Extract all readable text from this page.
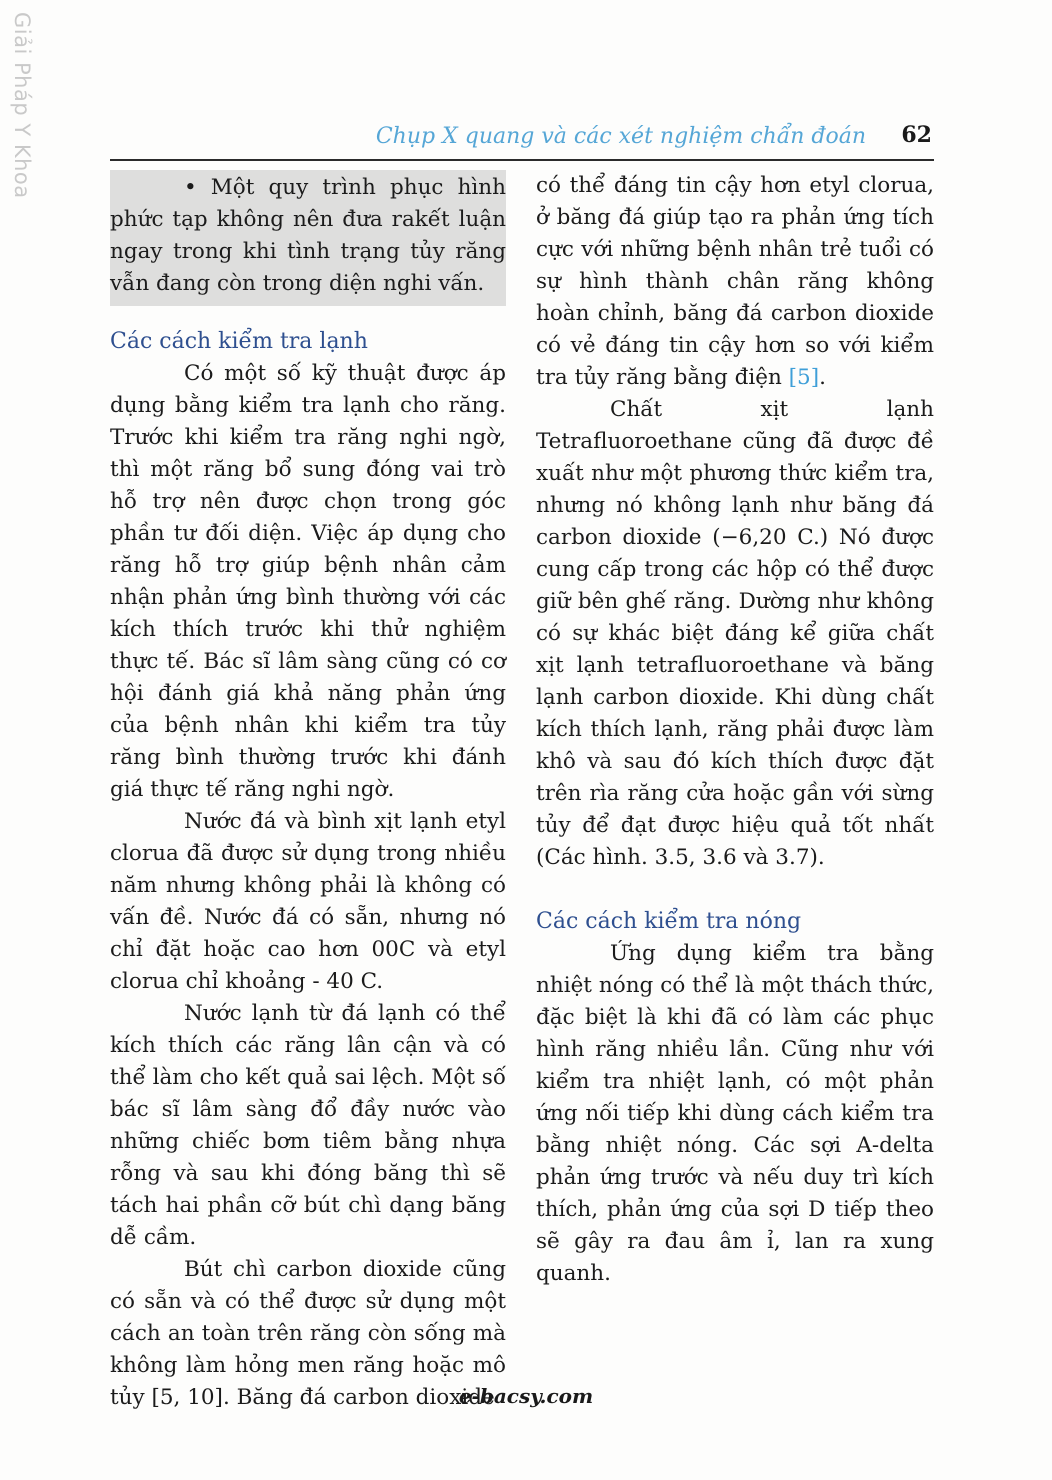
Giải Pháp Y Khoa	Chụp X quang và các xét nghiệm chẩn đoán 62

• Một quy trình phục hình phức tạp không nên đưa rakết luận ngay trong khi tình trạng tủy răng vẫn đang còn trong diện nghi vấn.

Các cách kiểm tra lạnh

Có một số kỹ thuật được áp dụng bằng kiểm tra lạnh cho răng. Trước khi kiểm tra răng nghi ngờ, thì một răng bổ sung đóng vai trò hỗ trợ nên được chọn trong góc phần tư đối diện. Việc áp dụng cho răng hỗ trợ giúp bệnh nhân cảm nhận phản ứng bình thường với các kích thích trước khi thử nghiệm thực tế. Bác sĩ lâm sàng cũng có cơ hội đánh giá khả năng phản ứng của bệnh nhân khi kiểm tra tủy răng bình thường trước khi đánh giá thực tế răng nghi ngờ.

Nước đá và bình xịt lạnh etyl clorua đã được sử dụng trong nhiều năm nhưng không phải là không có vấn đề. Nước đá có sẵn, nhưng nó chỉ đặt hoặc cao hơn 00C và etyl clorua chỉ khoảng - 40 C.

Nước lạnh từ đá lạnh có thể kích thích các răng lân cận và có thể làm cho kết quả sai lệch. Một số bác sĩ lâm sàng đổ đầy nước vào những chiếc bơm tiêm bằng nhựa rỗng và sau khi đóng băng thì sẽ tách hai phần cỡ bút chì dạng băng dễ cầm.

Bút chì carbon dioxide cũng có sẵn và có thể được sử dụng một cách an toàn trên răng còn sống mà không làm hỏng men răng hoặc mô tủy [5, 10]. Băng đá carbon dioxide

có thể đáng tin cậy hơn etyl clorua, ở băng đá giúp tạo ra phản ứng tích cực với những bệnh nhân trẻ tuổi có sự hình thành chân răng không hoàn chỉnh, băng đá carbon dioxide có vẻ đáng tin cậy hơn so với kiểm tra tủy răng bằng điện [5].

Chất xịt lạnh Tetrafluoroethane cũng đã được đề xuất như một phương thức kiểm tra, nhưng nó không lạnh như băng đá carbon dioxide (−6,20 C.) Nó được cung cấp trong các hộp có thể được giữ bên ghế răng. Dường như không có sự khác biệt đáng kể giữa chất xịt lạnh tetrafluoroethane và băng lạnh carbon dioxide. Khi dùng chất kích thích lạnh, răng phải được làm khô và sau đó kích thích được đặt trên rìa răng cửa hoặc gần với sừng tủy để đạt được hiệu quả tốt nhất (Các hình. 3.5, 3.6 và 3.7).

Các cách kiểm tra nóng

Ứng dụng kiểm tra bằng nhiệt nóng có thể là một thách thức, đặc biệt là khi đã có làm các phục hình răng nhiều lần. Cũng như với kiểm tra nhiệt lạnh, có một phản ứng nối tiếp khi dùng cách kiểm tra bằng nhiệt nóng. Các sợi A-delta phản ứng trước và nếu duy trì kích thích, phản ứng của sợi D tiếp theo sẽ gây ra đau âm ỉ, lan ra xung quanh.

e-bacsy.com
